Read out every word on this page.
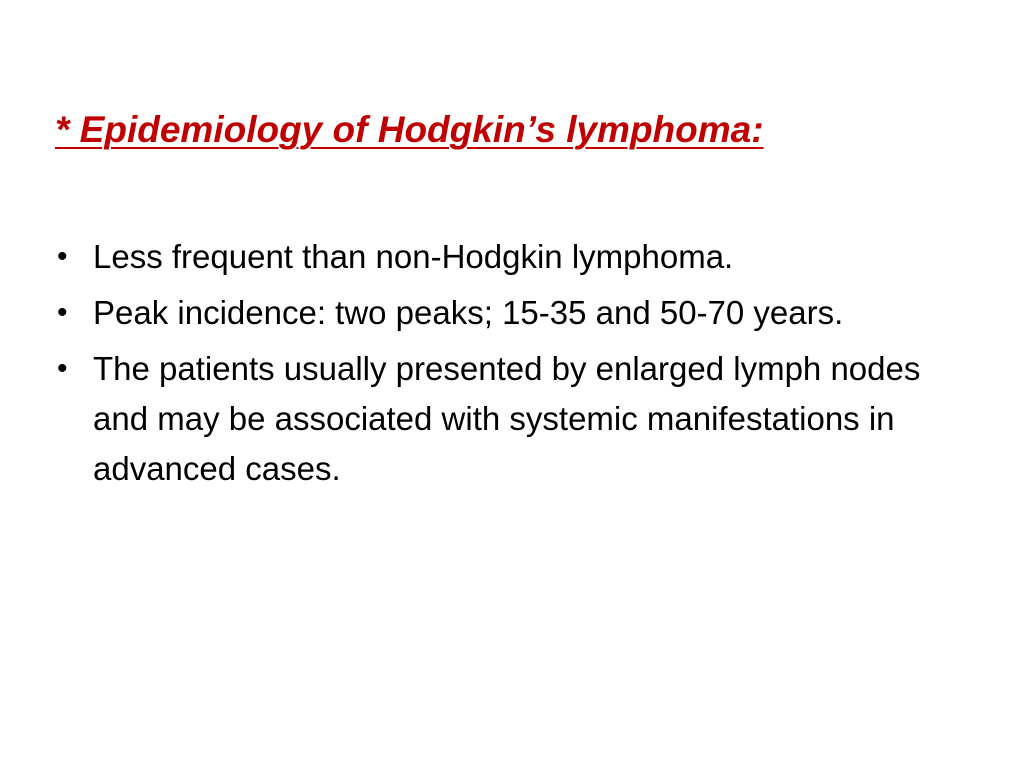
* Epidemiology of Hodgkin’s lymphoma:
• Less frequent than non-Hodgkin lymphoma.
• Peak incidence: two peaks; 15-35 and 50-70 years.
• The patients usually presented by enlarged lymph nodes and may be associated with systemic manifestations in advanced cases.
